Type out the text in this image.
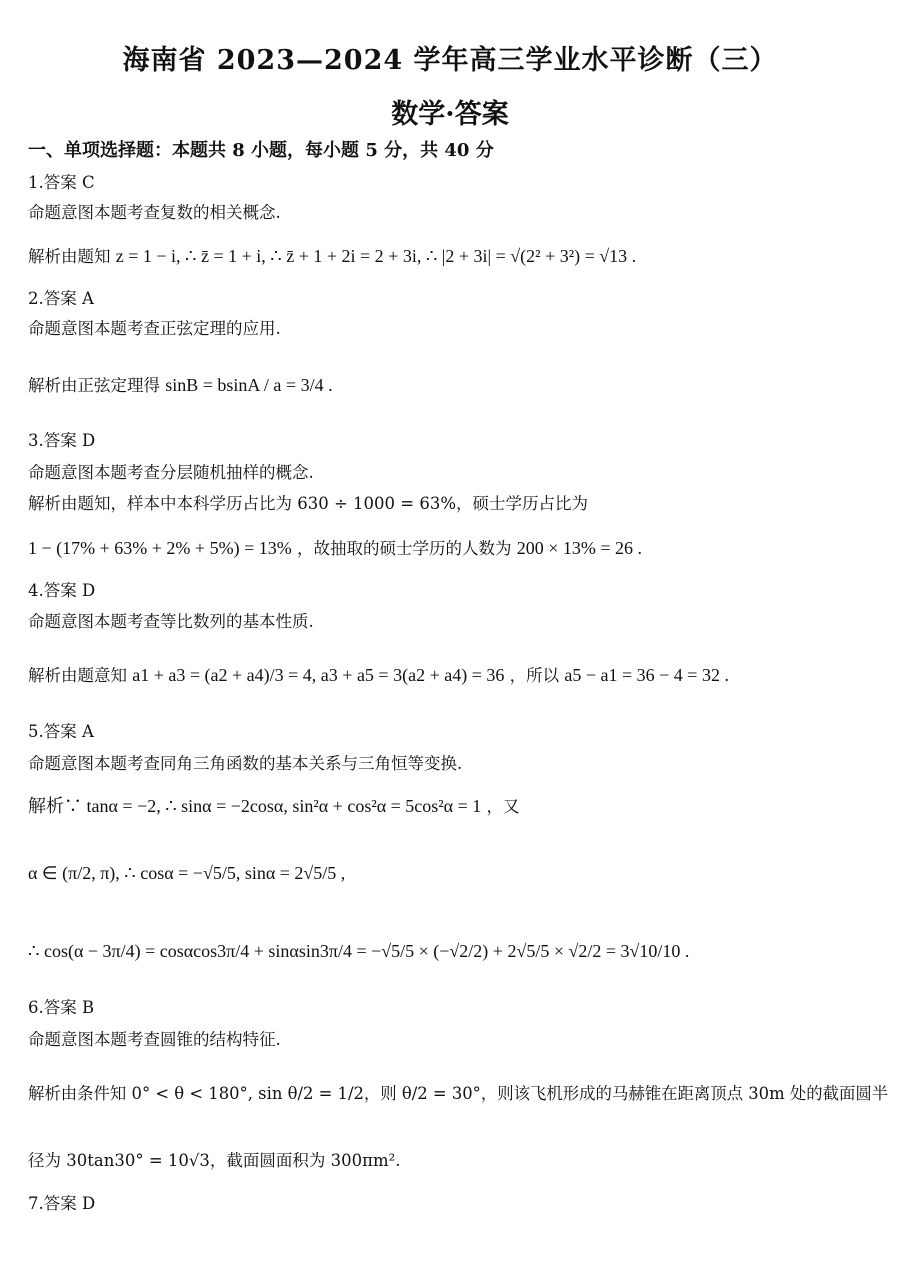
海南省 2023—2024 学年高三学业水平诊断（三）
数学·答案
一、单项选择题：本题共 8 小题，每小题 5 分，共 40 分
1.答案 C
命题意图本题考查复数的相关概念.
解析由题知 z = 1 − i, ∴ z̄ = 1 + i, ∴ z̄ + 1 + 2i = 2 + 3i, ∴ |2 + 3i| = √(2² + 3²) = √13 .
2.答案 A
命题意图本题考查正弦定理的应用.
解析由正弦定理得 sinB = bsinA / a = 3/4 .
3.答案 D
命题意图本题考查分层随机抽样的概念.
解析由题知，样本中本科学历占比为 630 ÷ 1000 = 63%，硕士学历占比为
1 − (17% + 63% + 2% + 5%) = 13% ，故抽取的硕士学历的人数为 200 × 13% = 26 .
4.答案 D
命题意图本题考查等比数列的基本性质.
解析由题意知 a1 + a3 = (a2 + a4)/3 = 4, a3 + a5 = 3(a2 + a4) = 36 ，所以 a5 − a1 = 36 − 4 = 32 .
5.答案 A
命题意图本题考查同角三角函数的基本关系与三角恒等变换.
解析∵ tanα = −2, ∴ sinα = −2cosα, sin²α + cos²α = 5cos²α = 1 ，又
α ∈ (π/2, π), ∴ cosα = −√5/5, sinα = 2√5/5 ,
∴ cos(α − 3π/4) = cosαcos3π/4 + sinαsin3π/4 = −√5/5 × (−√2/2) + 2√5/5 × √2/2 = 3√10/10 .
6.答案 B
命题意图本题考查圆锥的结构特征.
解析由条件知 0° < θ < 180°, sin θ/2 = 1/2，则 θ/2 = 30°，则该飞机形成的马赫锥在距离顶点 30m 处的截面圆半
径为 30tan30° = 10√3，截面圆面积为 300πm².
7.答案 D
